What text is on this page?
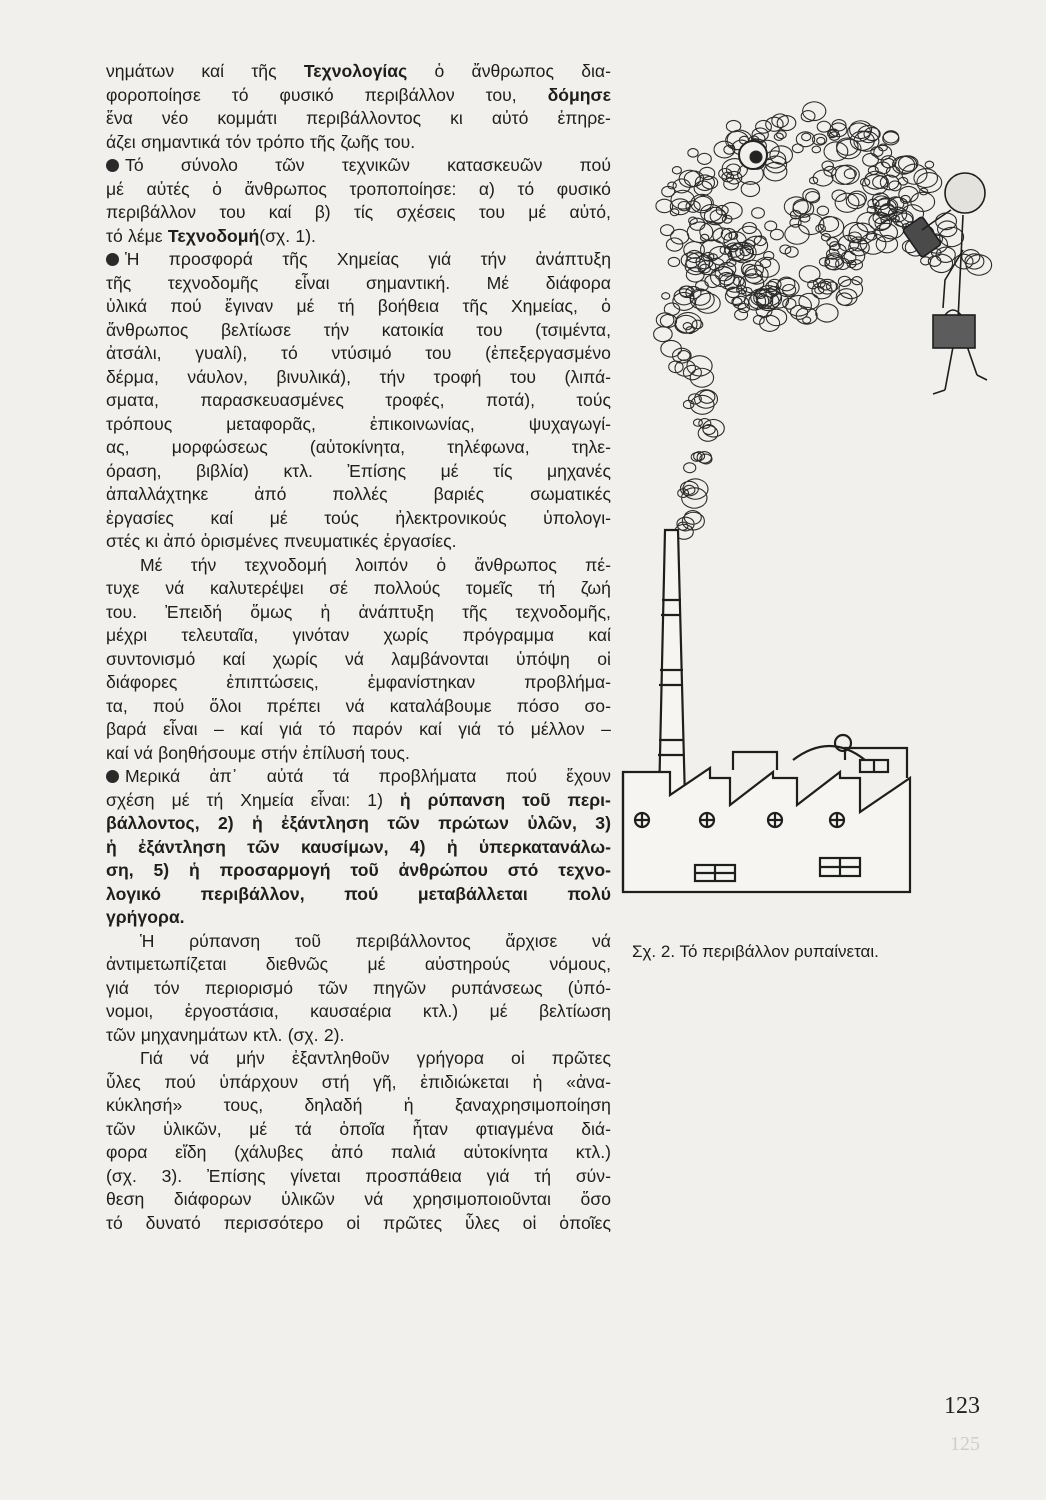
νημάτων καί τῆς Τεχνολογίας ὁ ἄνθρωπος δια-
φοροποίησε τό φυσικό περιβάλλον του, δόμησε
ἕνα νέο κομμάτι περιβάλλοντος κι αὐτό ἐπηρε-
άζει σημαντικά τόν τρόπο τῆς ζωῆς του.
Τό σύνολο τῶν τεχνικῶν κατασκευῶν πού
μέ αὐτές ὁ ἄνθρωπος τροποποίησε: α) τό φυσικό
περιβάλλον του καί β) τίς σχέσεις του μέ αὐτό,
τό λέμε Τεχνοδομή (σχ. 1).
Ἡ προσφορά τῆς Χημείας γιά τήν ἀνάπτυξη
τῆς τεχνοδομῆς εἶναι σημαντική. Μέ διάφορα
ὑλικά πού ἔγιναν μέ τή βοήθεια τῆς Χημείας, ὁ
ἄνθρωπος βελτίωσε τήν κατοικία του (τσιμέντα,
ἀτσάλι, γυαλί), τό ντύσιμό του (ἐπεξεργασμένο
δέρμα, νάυλον, βινυλικά), τήν τροφή του (λιπά-
σματα, παρασκευασμένες τροφές, ποτά), τούς
τρόπους	μεταφορᾶς,	ἐπικοινωνίας,	ψυχαγωγί-
ας, μορφώσεως (αὐτοκίνητα, τηλέφωνα, τηλε-
όραση, βιβλία) κτλ. Ἐπίσης μέ τίς μηχανές
ἀπαλλάχτηκε	ἀπό	πολλές	βαριές	σωματικές
ἐργασίες καί μέ τούς ἠλεκτρονικούς ὑπολογι-
στές κι ἀπό ὁρισμένες πνευματικές ἐργασίες.
Μέ τήν τεχνοδομή λοιπόν ὁ ἄνθρωπος πέ-
τυχε νά καλυτερέψει σέ πολλούς τομεῖς τή ζωή
του. Ἐπειδή ὅμως ἡ ἀνάπτυξη τῆς τεχνοδομῆς,
μέχρι τελευταῖα, γινόταν χωρίς πρόγραμμα καί
συντονισμό καί χωρίς νά λαμβάνονται ὑπόψη οἱ
διάφορες	ἐπιπτώσεις,	ἐμφανίστηκαν	προβλήμα-
τα, πού ὅλοι πρέπει νά καταλάβουμε πόσο σο-
βαρά εἶναι – καί γιά τό παρόν καί γιά τό μέλλον –
καί νά βοηθήσουμε στήν ἐπίλυσή τους.
Μερικά ἀπ᾽ αὐτά τά προβλήματα πού ἔχουν
σχέση μέ τή Χημεία εἶναι: 1) ἡ ρύπανση τοῦ περι-
βάλλοντος, 2) ἡ ἐξάντληση τῶν πρώτων ὑλῶν, 3)
ἡ ἐξάντληση τῶν καυσίμων, 4) ἡ ὑπερκατανάλω-
ση, 5) ἡ προσαρμογή τοῦ ἀνθρώπου στό τεχνο-
λογικό περιβάλλον, πού μεταβάλλεται πολύ
γρήγορα.
Ἡ ρύπανση τοῦ περιβάλλοντος ἄρχισε νά
ἀντιμετωπίζεται διεθνῶς μέ αὐστηρούς νόμους,
γιά τόν περιορισμό τῶν πηγῶν ρυπάνσεως (ὑπό-
νομοι, ἐργοστάσια, καυσαέρια κτλ.) μέ βελτίωση
τῶν μηχανημάτων κτλ. (σχ. 2).
Γιά νά μήν ἐξαντληθοῦν γρήγορα οἱ πρῶτες
ὗλες πού ὑπάρχουν στή γῆ, ἐπιδιώκεται ἡ «ἀνα-
κύκλησή» τους, δηλαδή ἡ ξαναχρησιμοποίηση
τῶν ὑλικῶν, μέ τά ὁποῖα ἦταν φτιαγμένα διά-
φορα εἴδη (χάλυβες ἀπό παλιά αὐτοκίνητα κτλ.)
(σχ. 3). Ἐπίσης γίνεται προσπάθεια γιά τή σύν-
θεση διάφορων ὑλικῶν νά χρησιμοποιοῦνται ὅσο
τό δυνατό περισσότερο οἱ πρῶτες ὗλες οἱ ὁποῖες
Σχ. 2. Τό περιβάλλον ρυπαίνεται.
123
125
